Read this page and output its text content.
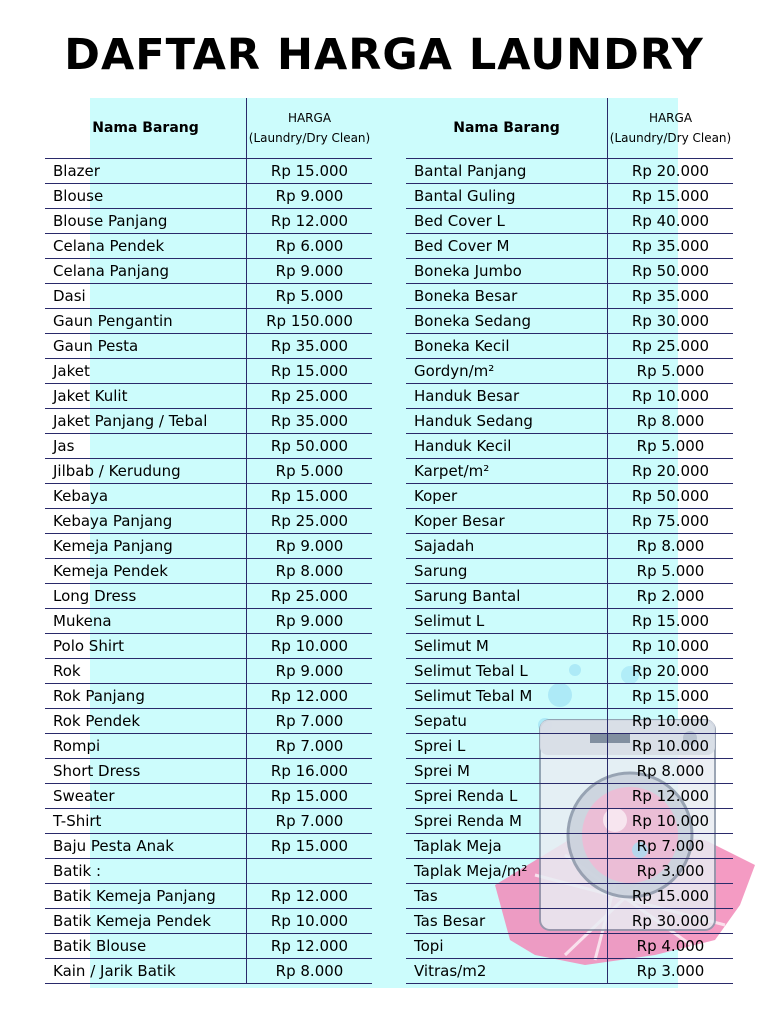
DAFTAR HARGA LAUNDRY
Nama Barang
HARGA (Laundry/Dry Clean)
Blazer	Rp 15.000
Blouse	Rp 9.000
Blouse Panjang	Rp 12.000
Celana Pendek	Rp 6.000
Celana Panjang	Rp 9.000
Dasi	Rp 5.000
Gaun Pengantin	Rp 150.000
Gaun Pesta	Rp 35.000
Jaket	Rp 15.000
Jaket Kulit	Rp 25.000
Jaket Panjang / Tebal	Rp 35.000
Jas	Rp 50.000
Jilbab / Kerudung	Rp 5.000
Kebaya	Rp 15.000
Kebaya Panjang	Rp 25.000
Kemeja Panjang	Rp 9.000
Kemeja Pendek	Rp 8.000
Long Dress	Rp 25.000
Mukena	Rp 9.000
Polo Shirt	Rp 10.000
Rok	Rp 9.000
Rok Panjang	Rp 12.000
Rok Pendek	Rp 7.000
Rompi	Rp 7.000
Short Dress	Rp 16.000
Sweater	Rp 15.000
T-Shirt	Rp 7.000
Baju Pesta Anak	Rp 15.000
Batik :
Batik Kemeja Panjang	Rp 12.000
Batik Kemeja Pendek	Rp 10.000
Batik Blouse	Rp 12.000
Kain / Jarik Batik	Rp 8.000
Nama Barang
HARGA (Laundry/Dry Clean)
Bantal Panjang	Rp 20.000
Bantal Guling	Rp 15.000
Bed Cover L	Rp 40.000
Bed Cover M	Rp 35.000
Boneka Jumbo	Rp 50.000
Boneka Besar	Rp 35.000
Boneka Sedang	Rp 30.000
Boneka Kecil	Rp 25.000
Gordyn/m²	Rp 5.000
Handuk Besar	Rp 10.000
Handuk Sedang	Rp 8.000
Handuk Kecil	Rp 5.000
Karpet/m²	Rp 20.000
Koper	Rp 50.000
Koper Besar	Rp 75.000
Sajadah	Rp 8.000
Sarung	Rp 5.000
Sarung Bantal	Rp 2.000
Selimut L	Rp 15.000
Selimut M	Rp 10.000
Selimut Tebal L	Rp 20.000
Selimut Tebal M	Rp 15.000
Sepatu	Rp 10.000
Sprei L	Rp 10.000
Sprei M	Rp 8.000
Sprei Renda L	Rp 12.000
Sprei Renda M	Rp 10.000
Taplak Meja	Rp 7.000
Taplak Meja/m²	Rp 3.000
Tas	Rp 15.000
Tas Besar	Rp 30.000
Topi	Rp 4.000
Vitras/m2	Rp 3.000
